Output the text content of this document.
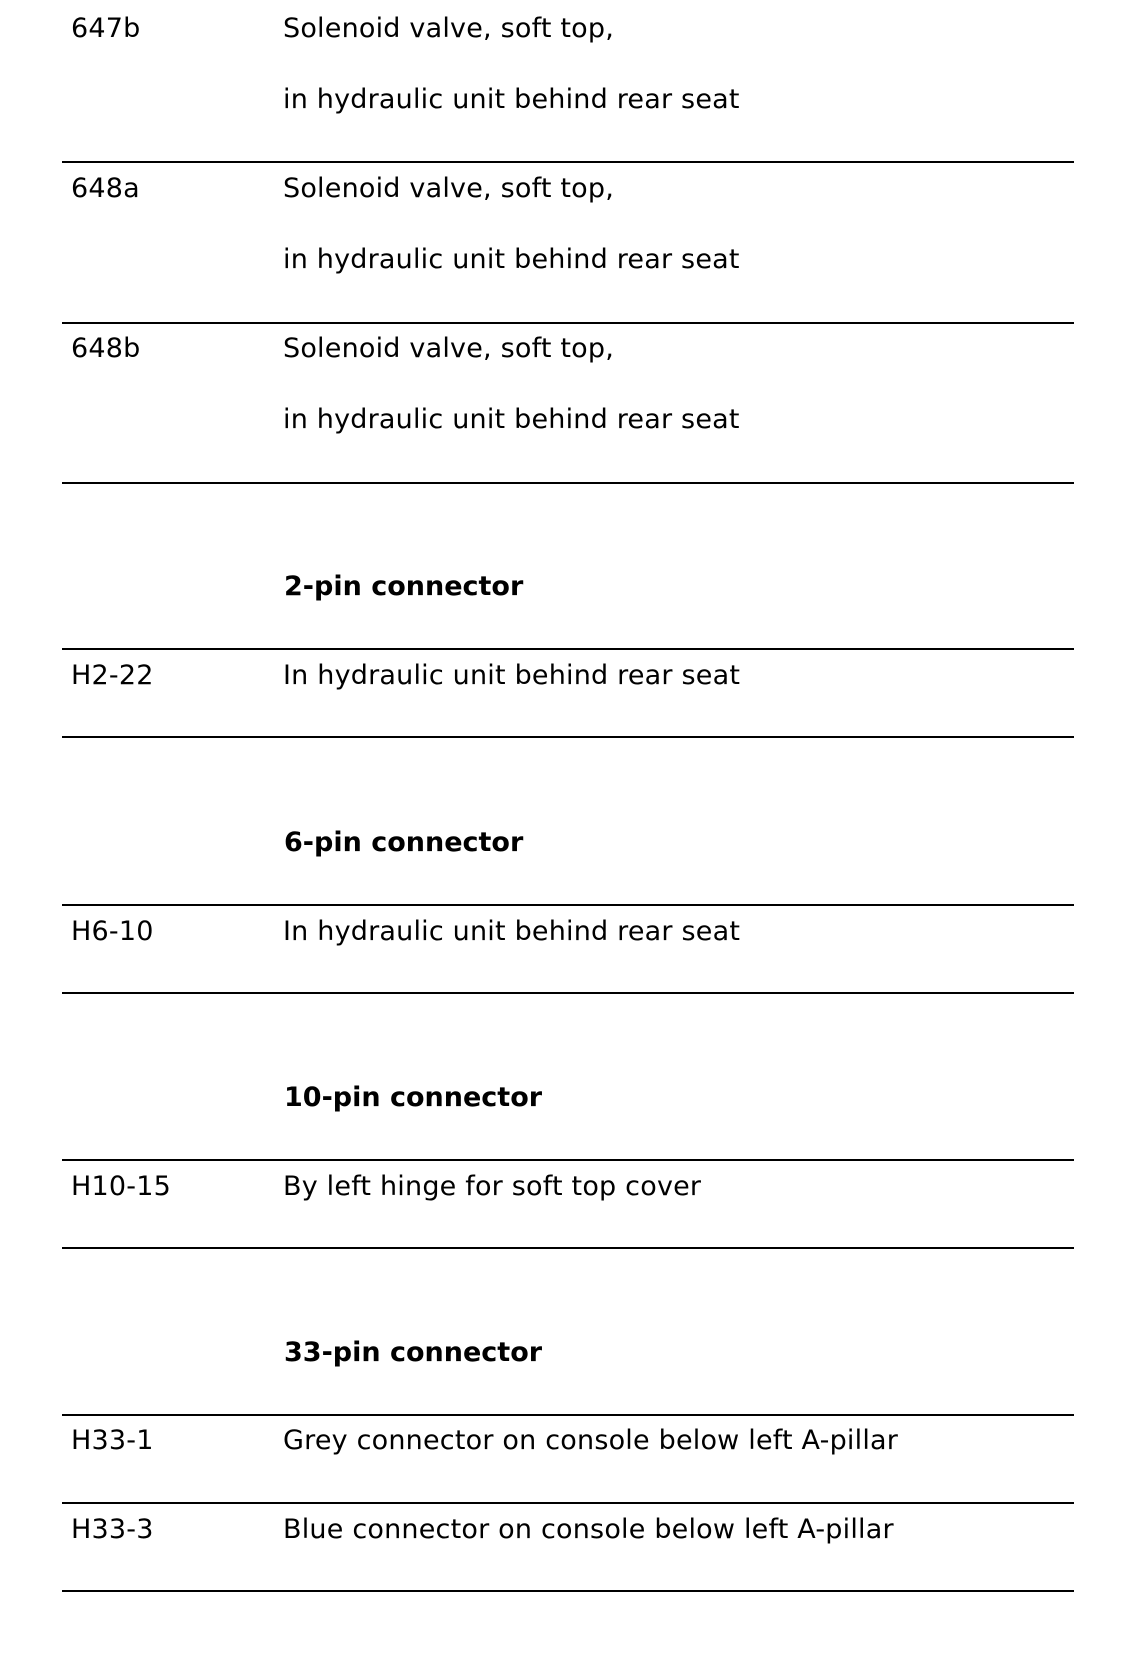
647b	Solenoid valve, soft top,
in hydraulic unit behind rear seat
648a	Solenoid valve, soft top,
in hydraulic unit behind rear seat
648b	Solenoid valve, soft top,
in hydraulic unit behind rear seat
2-pin connector
H2-22	In hydraulic unit behind rear seat
6-pin connector
H6-10	In hydraulic unit behind rear seat
10-pin connector
H10-15	By left hinge for soft top cover
33-pin connector
H33-1	Grey connector on console below left A-pillar
H33-3	Blue connector on console below left A-pillar
